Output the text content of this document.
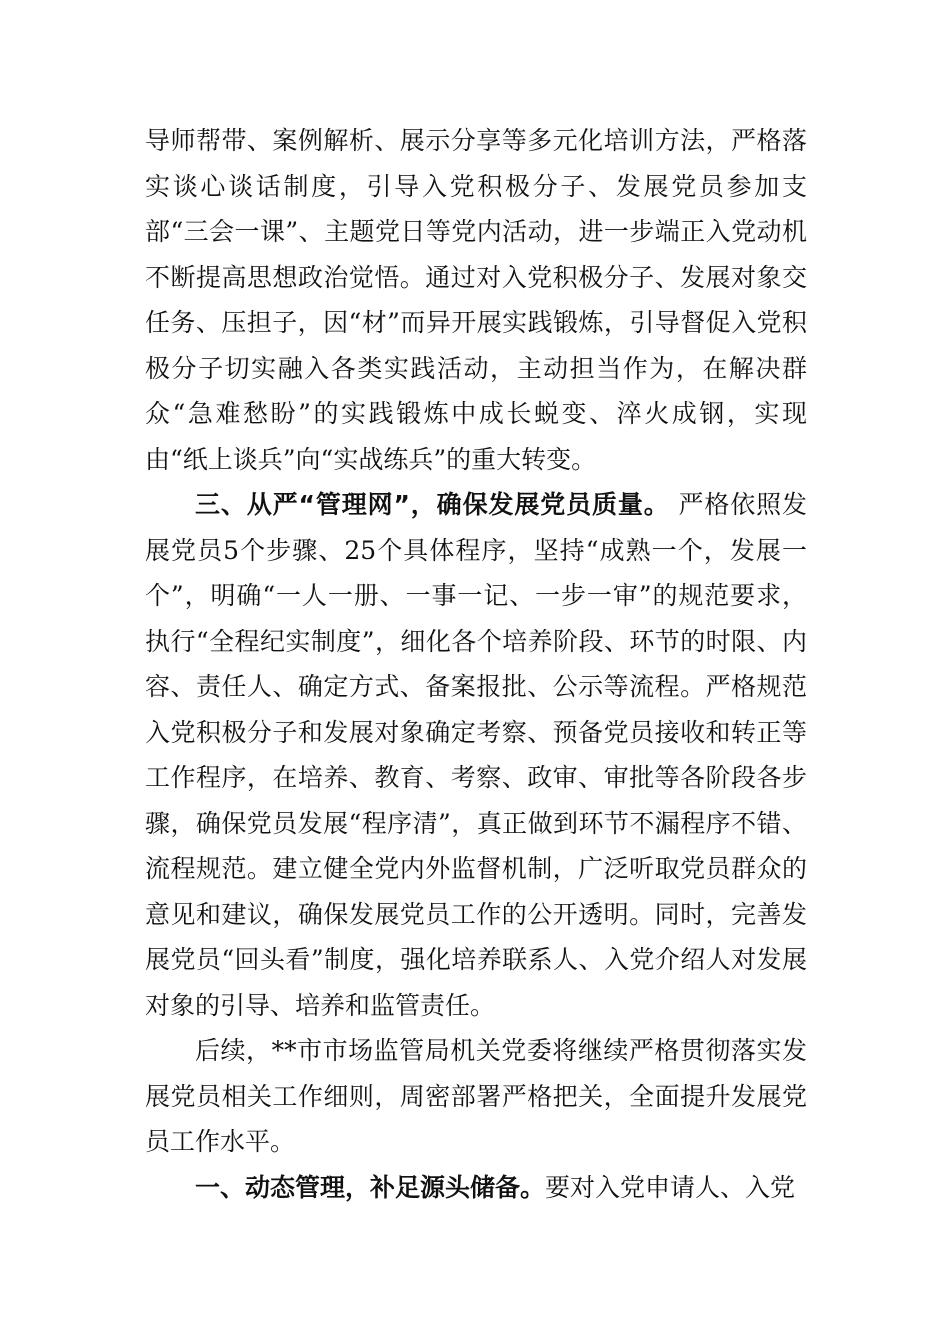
导师帮带、案例解析、展示分享等多元化培训方法，严格落实谈心谈话制度，引导入党积极分子、发展党员参加支部“三会一课”、主题党日等党内活动，进一步端正入党动机不断提高思想政治觉悟。通过对入党积极分子、发展对象交任务、压担子，因“材”而异开展实践锻炼，引导督促入党积极分子切实融入各类实践活动，主动担当作为，在解决群众“急难愁盼”的实践锻炼中成长蜕变、淬火成钢，实现由“纸上谈兵”向“实战练兵”的重大转变。

三、从严“管理网”，确保发展党员质量。 严格依照发展党员5个步骤、25个具体程序，坚持“成熟一个，发展一个”，明确“一人一册、一事一记、一步一审”的规范要求，执行“全程纪实制度”，细化各个培养阶段、环节的时限、内容、责任人、确定方式、备案报批、公示等流程。严格规范入党积极分子和发展对象确定考察、预备党员接收和转正等工作程序，在培养、教育、考察、政审、审批等各阶段各步骤，确保党员发展“程序清”，真正做到环节不漏程序不错、流程规范。建立健全党内外监督机制，广泛听取党员群众的意见和建议，确保发展党员工作的公开透明。同时，完善发展党员“回头看”制度，强化培养联系人、入党介绍人对发展对象的引导、培养和监管责任。

后续，**市市场监管局机关党委将继续严格贯彻落实发展党员相关工作细则，周密部署严格把关，全面提升发展党员工作水平。

一、动态管理，补足源头储备。要对入党申请人、入党
